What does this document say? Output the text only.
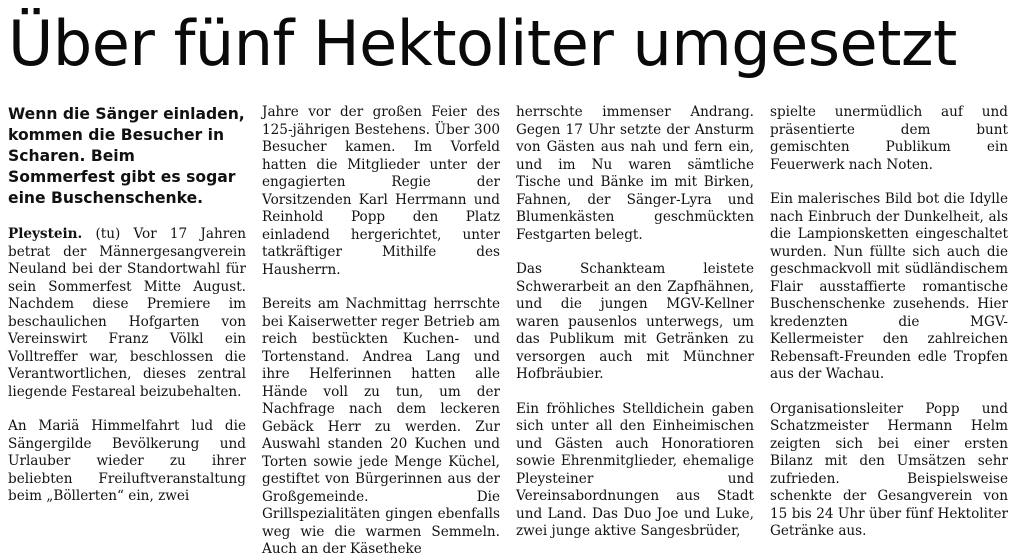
Über fünf Hektoliter umgesetzt

Wenn die Sänger einladen, kommen die Besucher in Scharen. Beim Sommerfest gibt es sogar eine Buschenschenke.

Pleystein. (tu) Vor 17 Jahren betrat der Männergesangverein Neuland bei der Standortwahl für sein Sommerfest Mitte August. Nachdem diese Premiere im beschaulichen Hofgarten von Vereinswirt Franz Völkl ein Volltreffer war, beschlossen die Verantwortlichen, dieses zentral liegende Festareal beizubehalten.

An Mariä Himmelfahrt lud die Sängergilde Bevölkerung und Urlauber wieder zu ihrer beliebten Freiluftveranstaltung beim „Böllerten“ ein, zwei

Jahre vor der großen Feier des 125-jährigen Bestehens. Über 300 Besucher kamen. Im Vorfeld hatten die Mitglieder unter der engagierten Regie der Vorsitzenden Karl Herrmann und Reinhold Popp den Platz einladend hergerichtet, unter tatkräftiger Mithilfe des Hausherrn.

Bereits am Nachmittag herrschte bei Kaiserwetter reger Betrieb am reich bestückten Kuchen- und Tortenstand. Andrea Lang und ihre Helferinnen hatten alle Hände voll zu tun, um der Nachfrage nach dem leckeren Gebäck Herr zu werden. Zur Auswahl standen 20 Kuchen und Torten sowie jede Menge Küchel, gestiftet von Bürgerinnen aus der Großgemeinde. Die Grillspezialitäten gingen ebenfalls weg wie die warmen Semmeln. Auch an der Käsetheke

herrschte immenser Andrang. Gegen 17 Uhr setzte der Ansturm von Gästen aus nah und fern ein, und im Nu waren sämtliche Tische und Bänke im mit Birken, Fahnen, der Sänger-Lyra und Blumenkästen geschmückten Festgarten belegt.

Das Schankteam leistete Schwerarbeit an den Zapfhähnen, und die jungen MGV-Kellner waren pausenlos unterwegs, um das Publikum mit Getränken zu versorgen auch mit Münchner Hofbräubier.

Ein fröhliches Stelldichein gaben sich unter all den Einheimischen und Gästen auch Honoratioren sowie Ehrenmitglieder, ehemalige Pleysteiner und Vereinsabordnungen aus Stadt und Land. Das Duo Joe und Luke, zwei junge aktive Sangesbrüder,

spielte unermüdlich auf und präsentierte dem bunt gemischten Publikum ein Feuerwerk nach Noten.

Ein malerisches Bild bot die Idylle nach Einbruch der Dunkelheit, als die Lampionsketten eingeschaltet wurden. Nun füllte sich auch die geschmackvoll mit südländischem Flair ausstaffierte romantische Buschenschenke zusehends. Hier kredenzten die MGV-Kellermeister den zahlreichen Rebensaft-Freunden edle Tropfen aus der Wachau.

Organisationsleiter Popp und Schatzmeister Hermann Helm zeigten sich bei einer ersten Bilanz mit den Umsätzen sehr zufrieden. Beispielsweise schenkte der Gesangverein von 15 bis 24 Uhr über fünf Hektoliter Getränke aus.
